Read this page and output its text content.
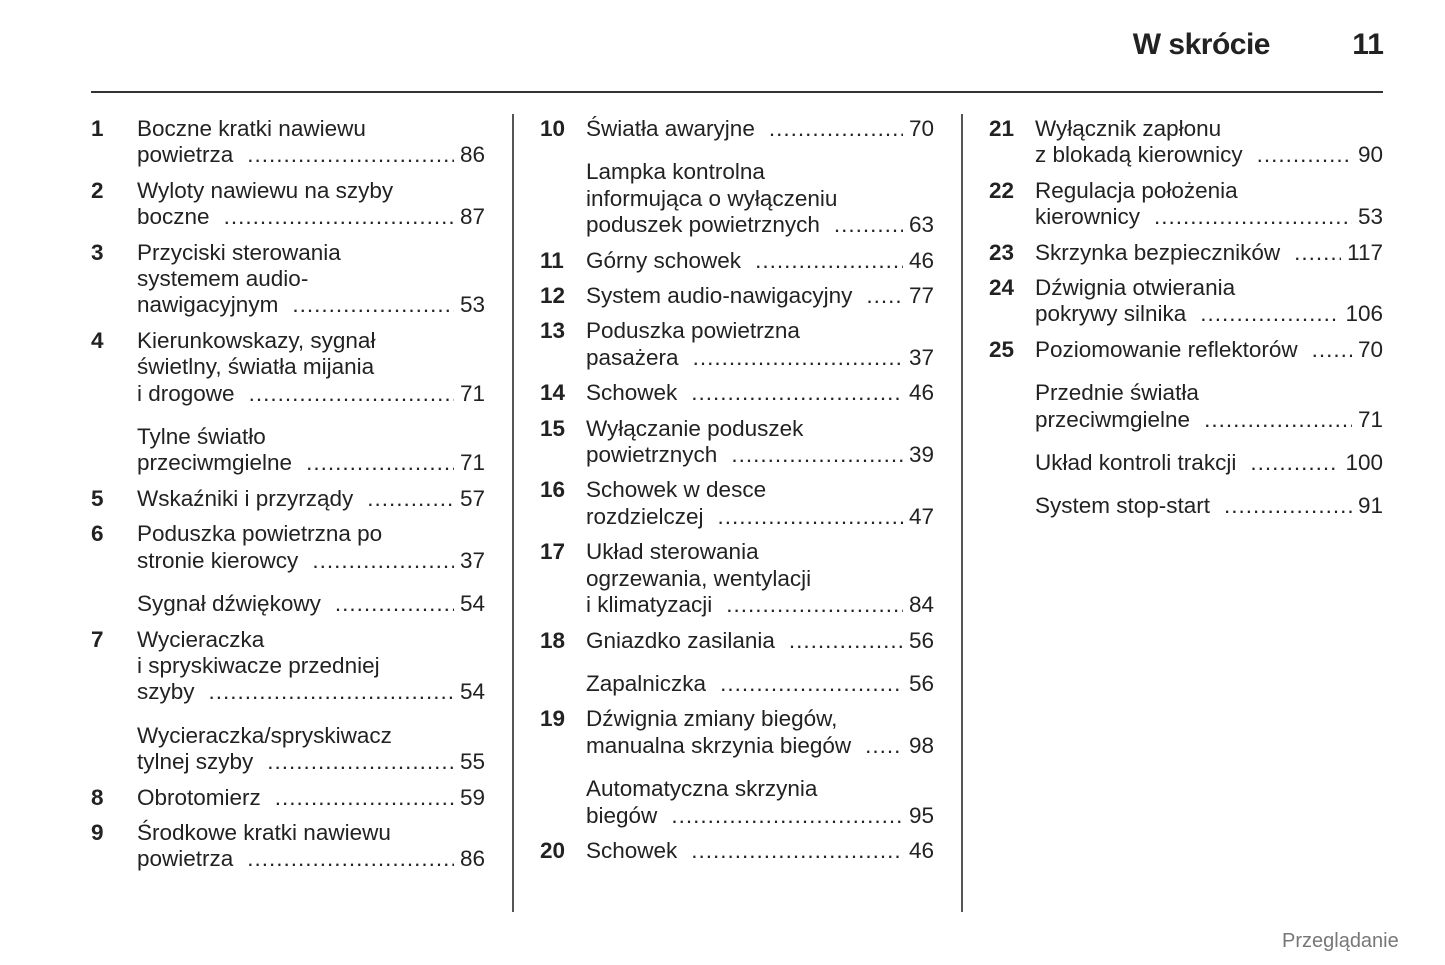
W skrócie	11
1	Boczne kratki nawiewu
powietrza .....	86
2	Wyloty nawiewu na szyby
boczne .....	87
3	Przyciski sterowania
systemem audio-
nawigacyjnym .....	53
4	Kierunkowskazy, sygnał
świetlny, światła mijania
i drogowe .....	71
Tylne światło
przeciwmgielne .....	71
5	Wskaźniki i przyrządy .....	57
6	Poduszka powietrzna po
stronie kierowcy .....	37
Sygnał dźwiękowy .....	54
7	Wycieraczka
i spryskiwacze przedniej
szyby .....	54
Wycieraczka/spryskiwacz
tylnej szyby .....	55
8	Obrotomierz .....	59
9	Środkowe kratki nawiewu
powietrza .....	86
10 Światła awaryjne .....	70
Lampka kontrolna
informująca o wyłączeniu
poduszek powietrznych .....	63
11 Górny schowek .....	46
12 System audio-nawigacyjny .....	77
13 Poduszka powietrzna
pasażera .....	37
14 Schowek .....	46
15 Wyłączanie poduszek
powietrznych .....	39
16 Schowek w desce
rozdzielczej .....	47
17 Układ sterowania
ogrzewania, wentylacji
i klimatyzacji .....	84
18 Gniazdko zasilania .....	56
Zapalniczka .....	56
19 Dźwignia zmiany biegów,
manualna skrzynia biegów .....	98
Automatyczna skrzynia
biegów .....	95
20 Schowek .....	46
21 Wyłącznik zapłonu
z blokadą kierownicy .....	90
22 Regulacja położenia
kierownicy .....	53
23 Skrzynka bezpieczników .....	117
24 Dźwignia otwierania
pokrywy silnika .....	106
25 Poziomowanie reflektorów .....	70
Przednie światła
przeciwmgielne .....	71
Układ kontroli trakcji .....	100
System stop-start .....	91
Przeglądanie
